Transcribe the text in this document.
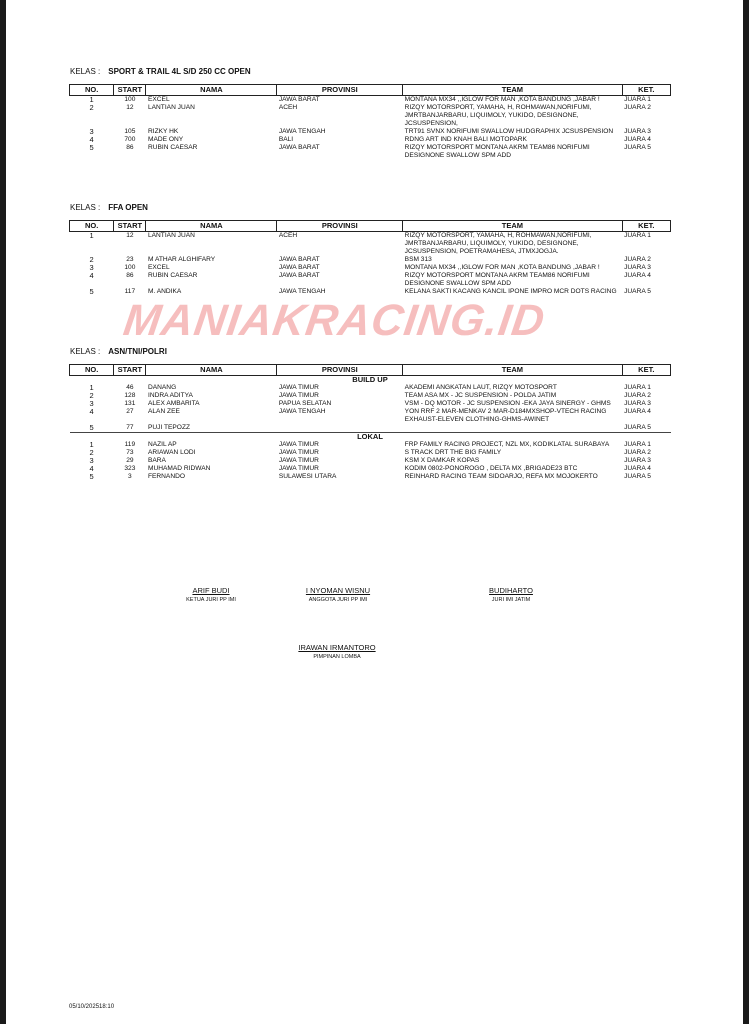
KELAS : SPORT & TRAIL 4L S/D 250 CC OPEN
NO.	START	NAMA	PROVINSI	TEAM	KET.
1	100	EXCEL	JAWA BARAT	MONTANA MX34 ,,IGLOW FOR MAN ,KOTA BANDUNG ,JABAR !	JUARA 1
2	12	LANTIAN JUAN	ACEH	RIZQY MOTORSPORT, YAMAHA, H, ROHMAWAN,NORIFUMI, JMRTBANJARBARU, LIQUIMOLY, YUKIDO, DESIGNONE, JCSUSPENSION,	JUARA 2
3	105	RIZKY HK	JAWA TENGAH	TRT91 SVNX NORIFUMI SWALLOW HUDGRAPHIX JCSUSPENSION	JUARA 3
4	700	MADE ONY	BALI	RDNG ART IND KNAH BALI MOTOPARK	JUARA 4
5	86	RUBIN CAESAR	JAWA BARAT	RIZQY MOTORSPORT MONTANA AKRM TEAM86 NORIFUMI DESIGNONE SWALLOW SPM ADD	JUARA 5
KELAS : FFA OPEN
NO.	START	NAMA	PROVINSI	TEAM	KET.
1	12	LANTIAN JUAN	ACEH	RIZQY MOTORSPORT, YAMAHA, H, ROHMAWAN,NORIFUMI, JMRTBANJARBARU, LIQUIMOLY, YUKIDO, DESIGNONE, JCSUSPENSION, POETRAMAHESA, JTMXJOGJA.	JUARA 1
2	23	M ATHAR ALGHIFARY	JAWA BARAT	BSM 313	JUARA 2
3	100	EXCEL	JAWA BARAT	MONTANA MX34 ,,IGLOW FOR MAN ,KOTA BANDUNG ,JABAR !	JUARA 3
4	86	RUBIN CAESAR	JAWA BARAT	RIZQY MOTORSPORT MONTANA AKRM TEAM86 NORIFUMI DESIGNONE SWALLOW SPM ADD	JUARA 4
5	117	M. ANDIKA	JAWA TENGAH	KELANA SAKTI KACANG KANCIL IPONE IMPRO MCR DOTS RACING	JUARA 5
KELAS : ASN/TNI/POLRI
NO.	START	NAMA	PROVINSI	TEAM	KET.
BUILD UP					
1	46	DANANG	JAWA TIMUR	AKADEMI ANGKATAN LAUT, RIZQY MOTOSPORT	JUARA 1
2	128	INDRA ADITYA	JAWA TIMUR	TEAM ASA MX - JC SUSPENSION - POLDA JATIM	JUARA 2
3	131	ALEX AMBARITA	PAPUA SELATAN	VSM - DQ MOTOR - JC SUSPENSION -EKA JAYA SINERGY - GHMS	JUARA 3
4	27	ALAN ZEE	JAWA TENGAH	YON RRF 2 MAR-MENKAV 2 MAR-D184MXSHOP-VTECH RACING EXHAUST-ELEVEN CLOTHING-GHMS-AWINET	JUARA 4
5	77	PUJI TEPOZZ			JUARA 5

LOKAL					
1	119	NAZIL AP	JAWA TIMUR	FRP FAMILY RACING PROJECT, NZL MX, KODIKLATAL SURABAYA	JUARA 1
2	73	ARIAWAN LODI	JAWA TIMUR	S TRACK DRT THE BIG FAMILY	JUARA 2
3	29	BARA	JAWA TIMUR	KSM X DAMKAR KOPAS	JUARA 3
4	323	MUHAMAD RIDWAN	JAWA TIMUR	KODIM 0802-PONOROGO , DELTA MX ,BRIGADE23 BTC	JUARA 4
5	3	FERNANDO	SULAWESI UTARA	REINHARD RACING TEAM SIDOARJO, REFA MX MOJOKERTO	JUARA 5
ARIF BUDI
KETUA JURI PP IMI
I NYOMAN WISNU
ANGGOTA JURI PP IMI
BUDIHARTO
JURI IMI JATIM
IRAWAN IRMANTORO
PIMPINAN LOMBA
MANIAKRACING.ID
05/10/202518:10
